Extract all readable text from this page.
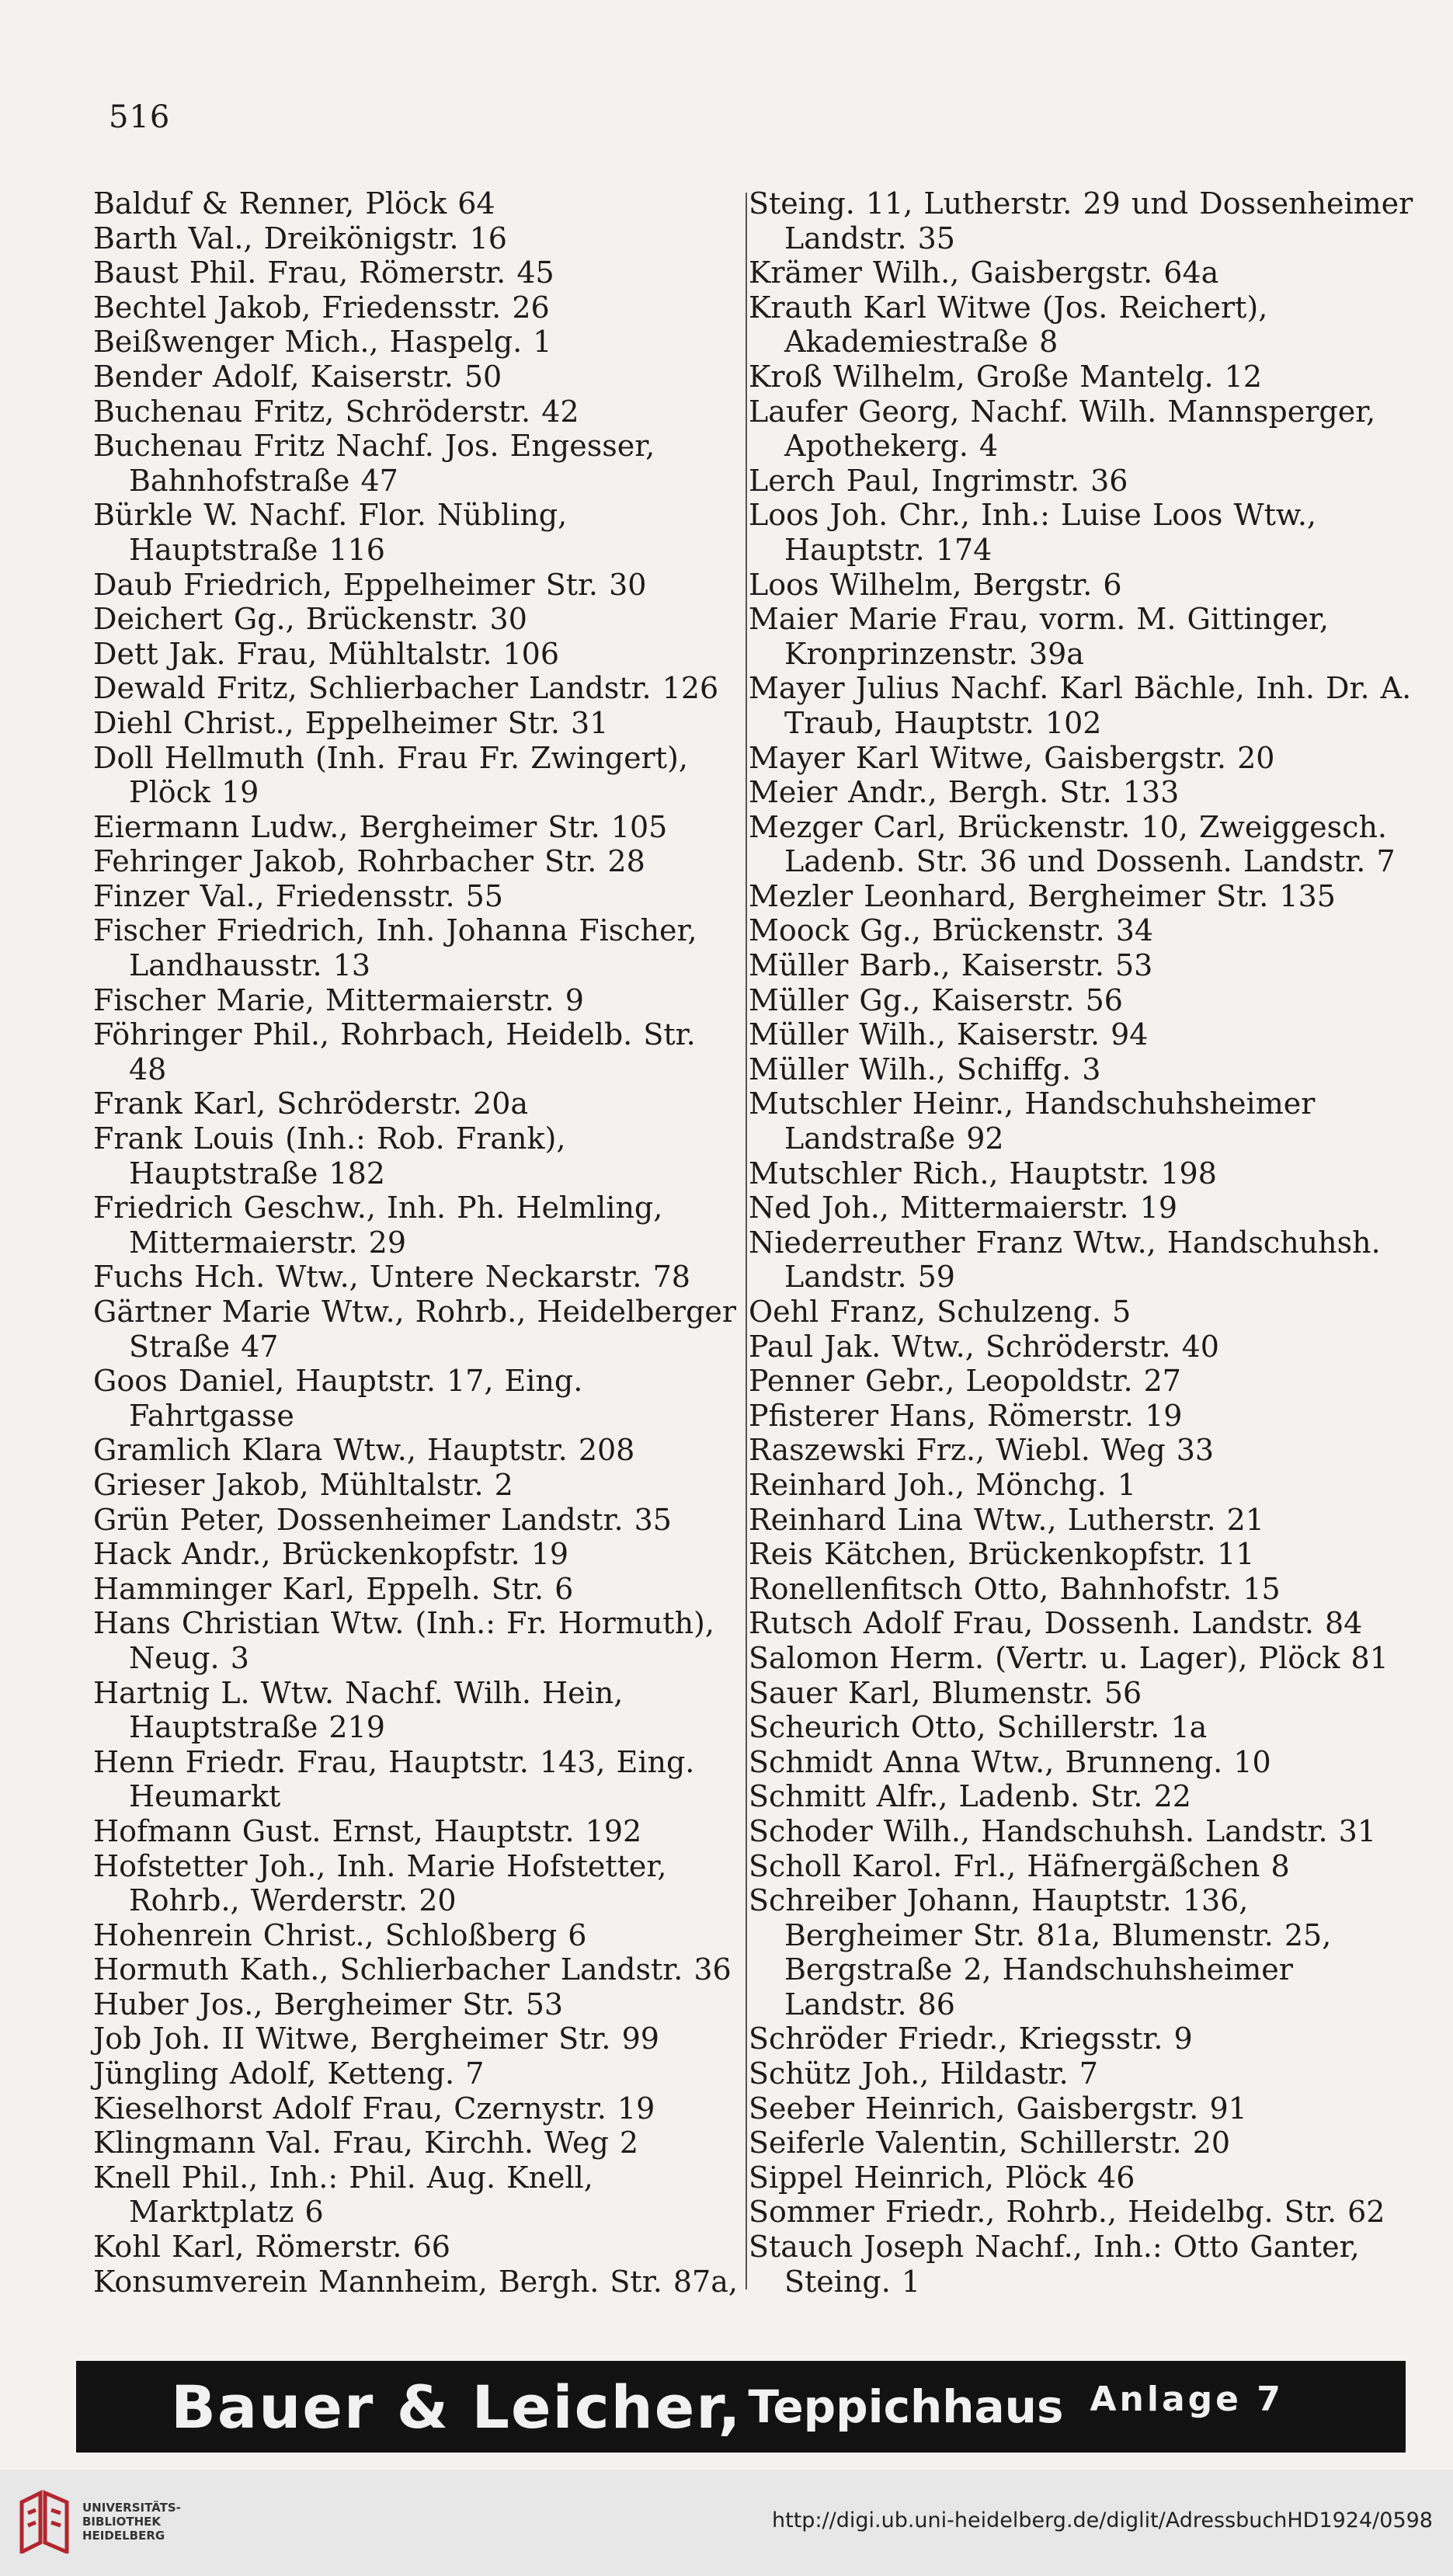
516
Balduf & Renner, Plöck 64
Barth Val., Dreikönigstr. 16
Baust Phil. Frau, Römerstr. 45
Bechtel Jakob, Friedensstr. 26
Beißwenger Mich., Haspelg. 1
Bender Adolf, Kaiserstr. 50
Buchenau Fritz, Schröderstr. 42
Buchenau Fritz Nachf. Jos. Engesser, Bahnhofstraße 47
Bürkle W. Nachf. Flor. Nübling, Hauptstraße 116
Daub Friedrich, Eppelheimer Str. 30
Deichert Gg., Brückenstr. 30
Dett Jak. Frau, Mühltalstr. 106
Dewald Fritz, Schlierbacher Landstr. 126
Diehl Christ., Eppelheimer Str. 31
Doll Hellmuth (Inh. Frau Fr. Zwingert), Plöck 19
Eiermann Ludw., Bergheimer Str. 105
Fehringer Jakob, Rohrbacher Str. 28
Finzer Val., Friedensstr. 55
Fischer Friedrich, Inh. Johanna Fischer, Landhausstr. 13
Fischer Marie, Mittermaierstr. 9
Föhringer Phil., Rohrbach, Heidelb. Str. 48
Frank Karl, Schröderstr. 20a
Frank Louis (Inh.: Rob. Frank), Hauptstraße 182
Friedrich Geschw., Inh. Ph. Helmling, Mittermaierstr. 29
Fuchs Hch. Wtw., Untere Neckarstr. 78
Gärtner Marie Wtw., Rohrb., Heidelberger Straße 47
Goos Daniel, Hauptstr. 17, Eing. Fahrtgasse
Gramlich Klara Wtw., Hauptstr. 208
Grieser Jakob, Mühltalstr. 2
Grün Peter, Dossenheimer Landstr. 35
Hack Andr., Brückenkopfstr. 19
Hamminger Karl, Eppelh. Str. 6
Hans Christian Wtw. (Inh.: Fr. Hormuth), Neug. 3
Hartnig L. Wtw. Nachf. Wilh. Hein, Hauptstraße 219
Henn Friedr. Frau, Hauptstr. 143, Eing. Heumarkt
Hofmann Gust. Ernst, Hauptstr. 192
Hofstetter Joh., Inh. Marie Hofstetter, Rohrb., Werderstr. 20
Hohenrein Christ., Schloßberg 6
Hormuth Kath., Schlierbacher Landstr. 36
Huber Jos., Bergheimer Str. 53
Job Joh. II Witwe, Bergheimer Str. 99
Jüngling Adolf, Ketteng. 7
Kieselhorst Adolf Frau, Czernystr. 19
Klingmann Val. Frau, Kirchh. Weg 2
Knell Phil., Inh.: Phil. Aug. Knell, Marktplatz 6
Kohl Karl, Römerstr. 66
Konsumverein Mannheim, Bergh. Str. 87a,
Steing. 11, Lutherstr. 29 und Dossenheimer Landstr. 35
Krämer Wilh., Gaisbergstr. 64a
Krauth Karl Witwe (Jos. Reichert), Akademiestraße 8
Kroß Wilhelm, Große Mantelg. 12
Laufer Georg, Nachf. Wilh. Mannsperger, Apothekerg. 4
Lerch Paul, Ingrimstr. 36
Loos Joh. Chr., Inh.: Luise Loos Wtw., Hauptstr. 174
Loos Wilhelm, Bergstr. 6
Maier Marie Frau, vorm. M. Gittinger, Kronprinzenstr. 39a
Mayer Julius Nachf. Karl Bächle, Inh. Dr. A. Traub, Hauptstr. 102
Mayer Karl Witwe, Gaisbergstr. 20
Meier Andr., Bergh. Str. 133
Mezger Carl, Brückenstr. 10, Zweiggesch. Ladenb. Str. 36 und Dossenh. Landstr. 7
Mezler Leonhard, Bergheimer Str. 135
Moock Gg., Brückenstr. 34
Müller Barb., Kaiserstr. 53
Müller Gg., Kaiserstr. 56
Müller Wilh., Kaiserstr. 94
Müller Wilh., Schiffg. 3
Mutschler Heinr., Handschuhsheimer Landstraße 92
Mutschler Rich., Hauptstr. 198
Ned Joh., Mittermaierstr. 19
Niederreuther Franz Wtw., Handschuhsh. Landstr. 59
Oehl Franz, Schulzeng. 5
Paul Jak. Wtw., Schröderstr. 40
Penner Gebr., Leopoldstr. 27
Pfisterer Hans, Römerstr. 19
Raszewski Frz., Wiebl. Weg 33
Reinhard Joh., Mönchg. 1
Reinhard Lina Wtw., Lutherstr. 21
Reis Kätchen, Brückenkopfstr. 11
Ronellenfitsch Otto, Bahnhofstr. 15
Rutsch Adolf Frau, Dossenh. Landstr. 84
Salomon Herm. (Vertr. u. Lager), Plöck 81
Sauer Karl, Blumenstr. 56
Scheurich Otto, Schillerstr. 1a
Schmidt Anna Wtw., Brunneng. 10
Schmitt Alfr., Ladenb. Str. 22
Schoder Wilh., Handschuhsh. Landstr. 31
Scholl Karol. Frl., Häfnergäßchen 8
Schreiber Johann, Hauptstr. 136, Bergheimer Str. 81a, Blumenstr. 25, Bergstraße 2, Handschuhsheimer Landstr. 86
Schröder Friedr., Kriegsstr. 9
Schütz Joh., Hildastr. 7
Seeber Heinrich, Gaisbergstr. 91
Seiferle Valentin, Schillerstr. 20
Sippel Heinrich, Plöck 46
Sommer Friedr., Rohrb., Heidelbg. Str. 62
Stauch Joseph Nachf., Inh.: Otto Ganter, Steing. 1
Bauer & Leicher, Teppichhaus Anlage 7
UNIVERSITÄTS-
BIBLIOTHEK
HEIDELBERG
http://digi.ub.uni-heidelberg.de/diglit/AdressbuchHD1924/0598
